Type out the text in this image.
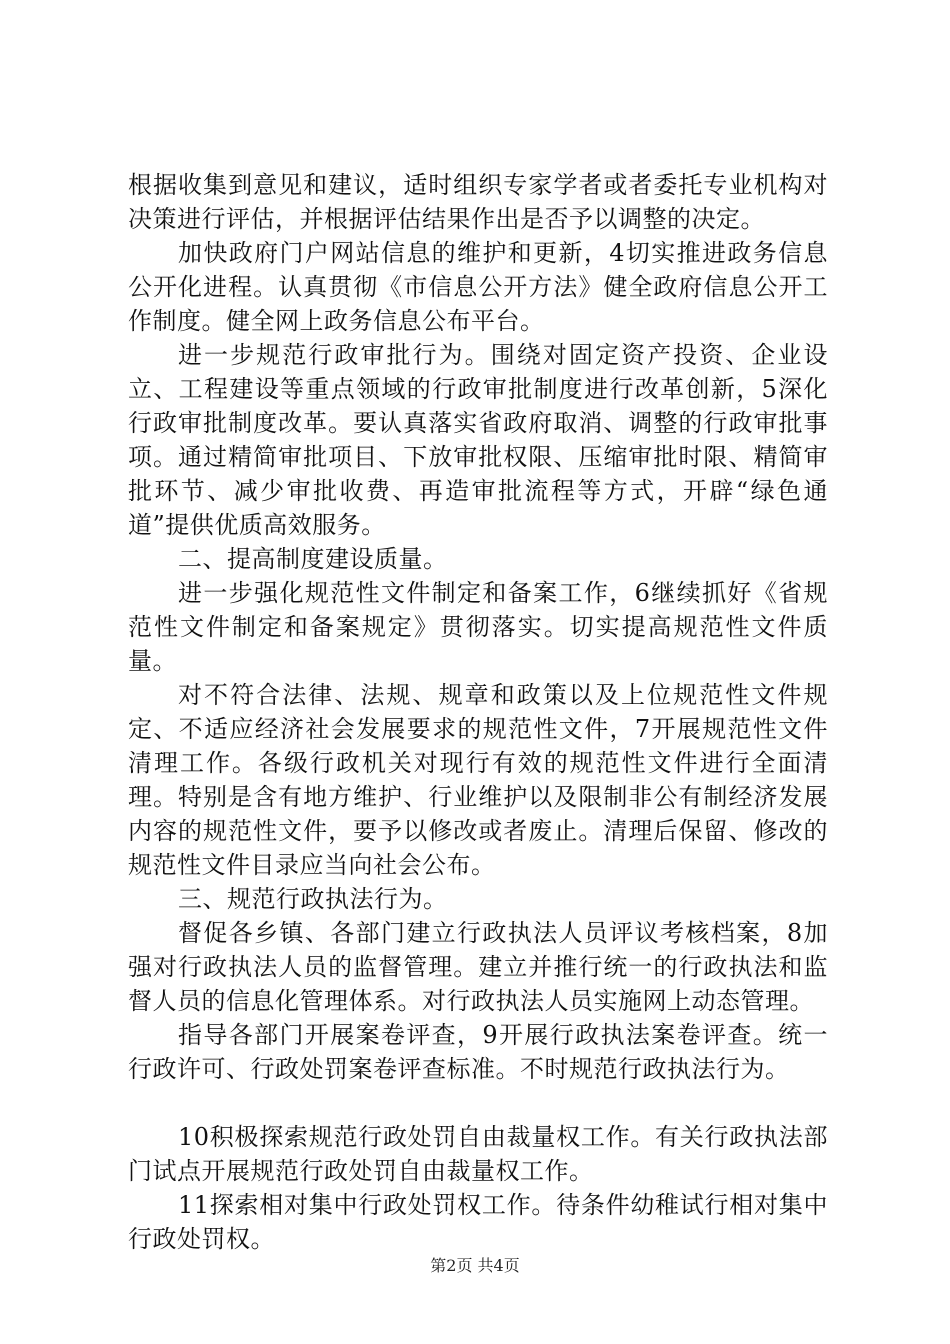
根据收集到意见和建议，适时组织专家学者或者委托专业机构对决策进行评估，并根据评估结果作出是否予以调整的决定。

加快政府门户网站信息的维护和更新，4切实推进政务信息公开化进程。认真贯彻《市信息公开方法》健全政府信息公开工作制度。健全网上政务信息公布平台。

进一步规范行政审批行为。围绕对固定资产投资、企业设立、工程建设等重点领域的行政审批制度进行改革创新，5深化行政审批制度改革。要认真落实省政府取消、调整的行政审批事项。通过精简审批项目、下放审批权限、压缩审批时限、精简审批环节、减少审批收费、再造审批流程等方式，开辟“绿色通道”提供优质高效服务。

二、提高制度建设质量。

进一步强化规范性文件制定和备案工作，6继续抓好《省规范性文件制定和备案规定》贯彻落实。切实提高规范性文件质量。

对不符合法律、法规、规章和政策以及上位规范性文件规定、不适应经济社会发展要求的规范性文件，7开展规范性文件清理工作。各级行政机关对现行有效的规范性文件进行全面清理。特别是含有地方维护、行业维护以及限制非公有制经济发展内容的规范性文件，要予以修改或者废止。清理后保留、修改的规范性文件目录应当向社会公布。

三、规范行政执法行为。

督促各乡镇、各部门建立行政执法人员评议考核档案，8加强对行政执法人员的监督管理。建立并推行统一的行政执法和监督人员的信息化管理体系。对行政执法人员实施网上动态管理。

指导各部门开展案卷评查，9开展行政执法案卷评查。统一行政许可、行政处罚案卷评查标准。不时规范行政执法行为。

10积极探索规范行政处罚自由裁量权工作。有关行政执法部门试点开展规范行政处罚自由裁量权工作。

11探索相对集中行政处罚权工作。待条件幼稚试行相对集中行政处罚权。

第2页 共4页
